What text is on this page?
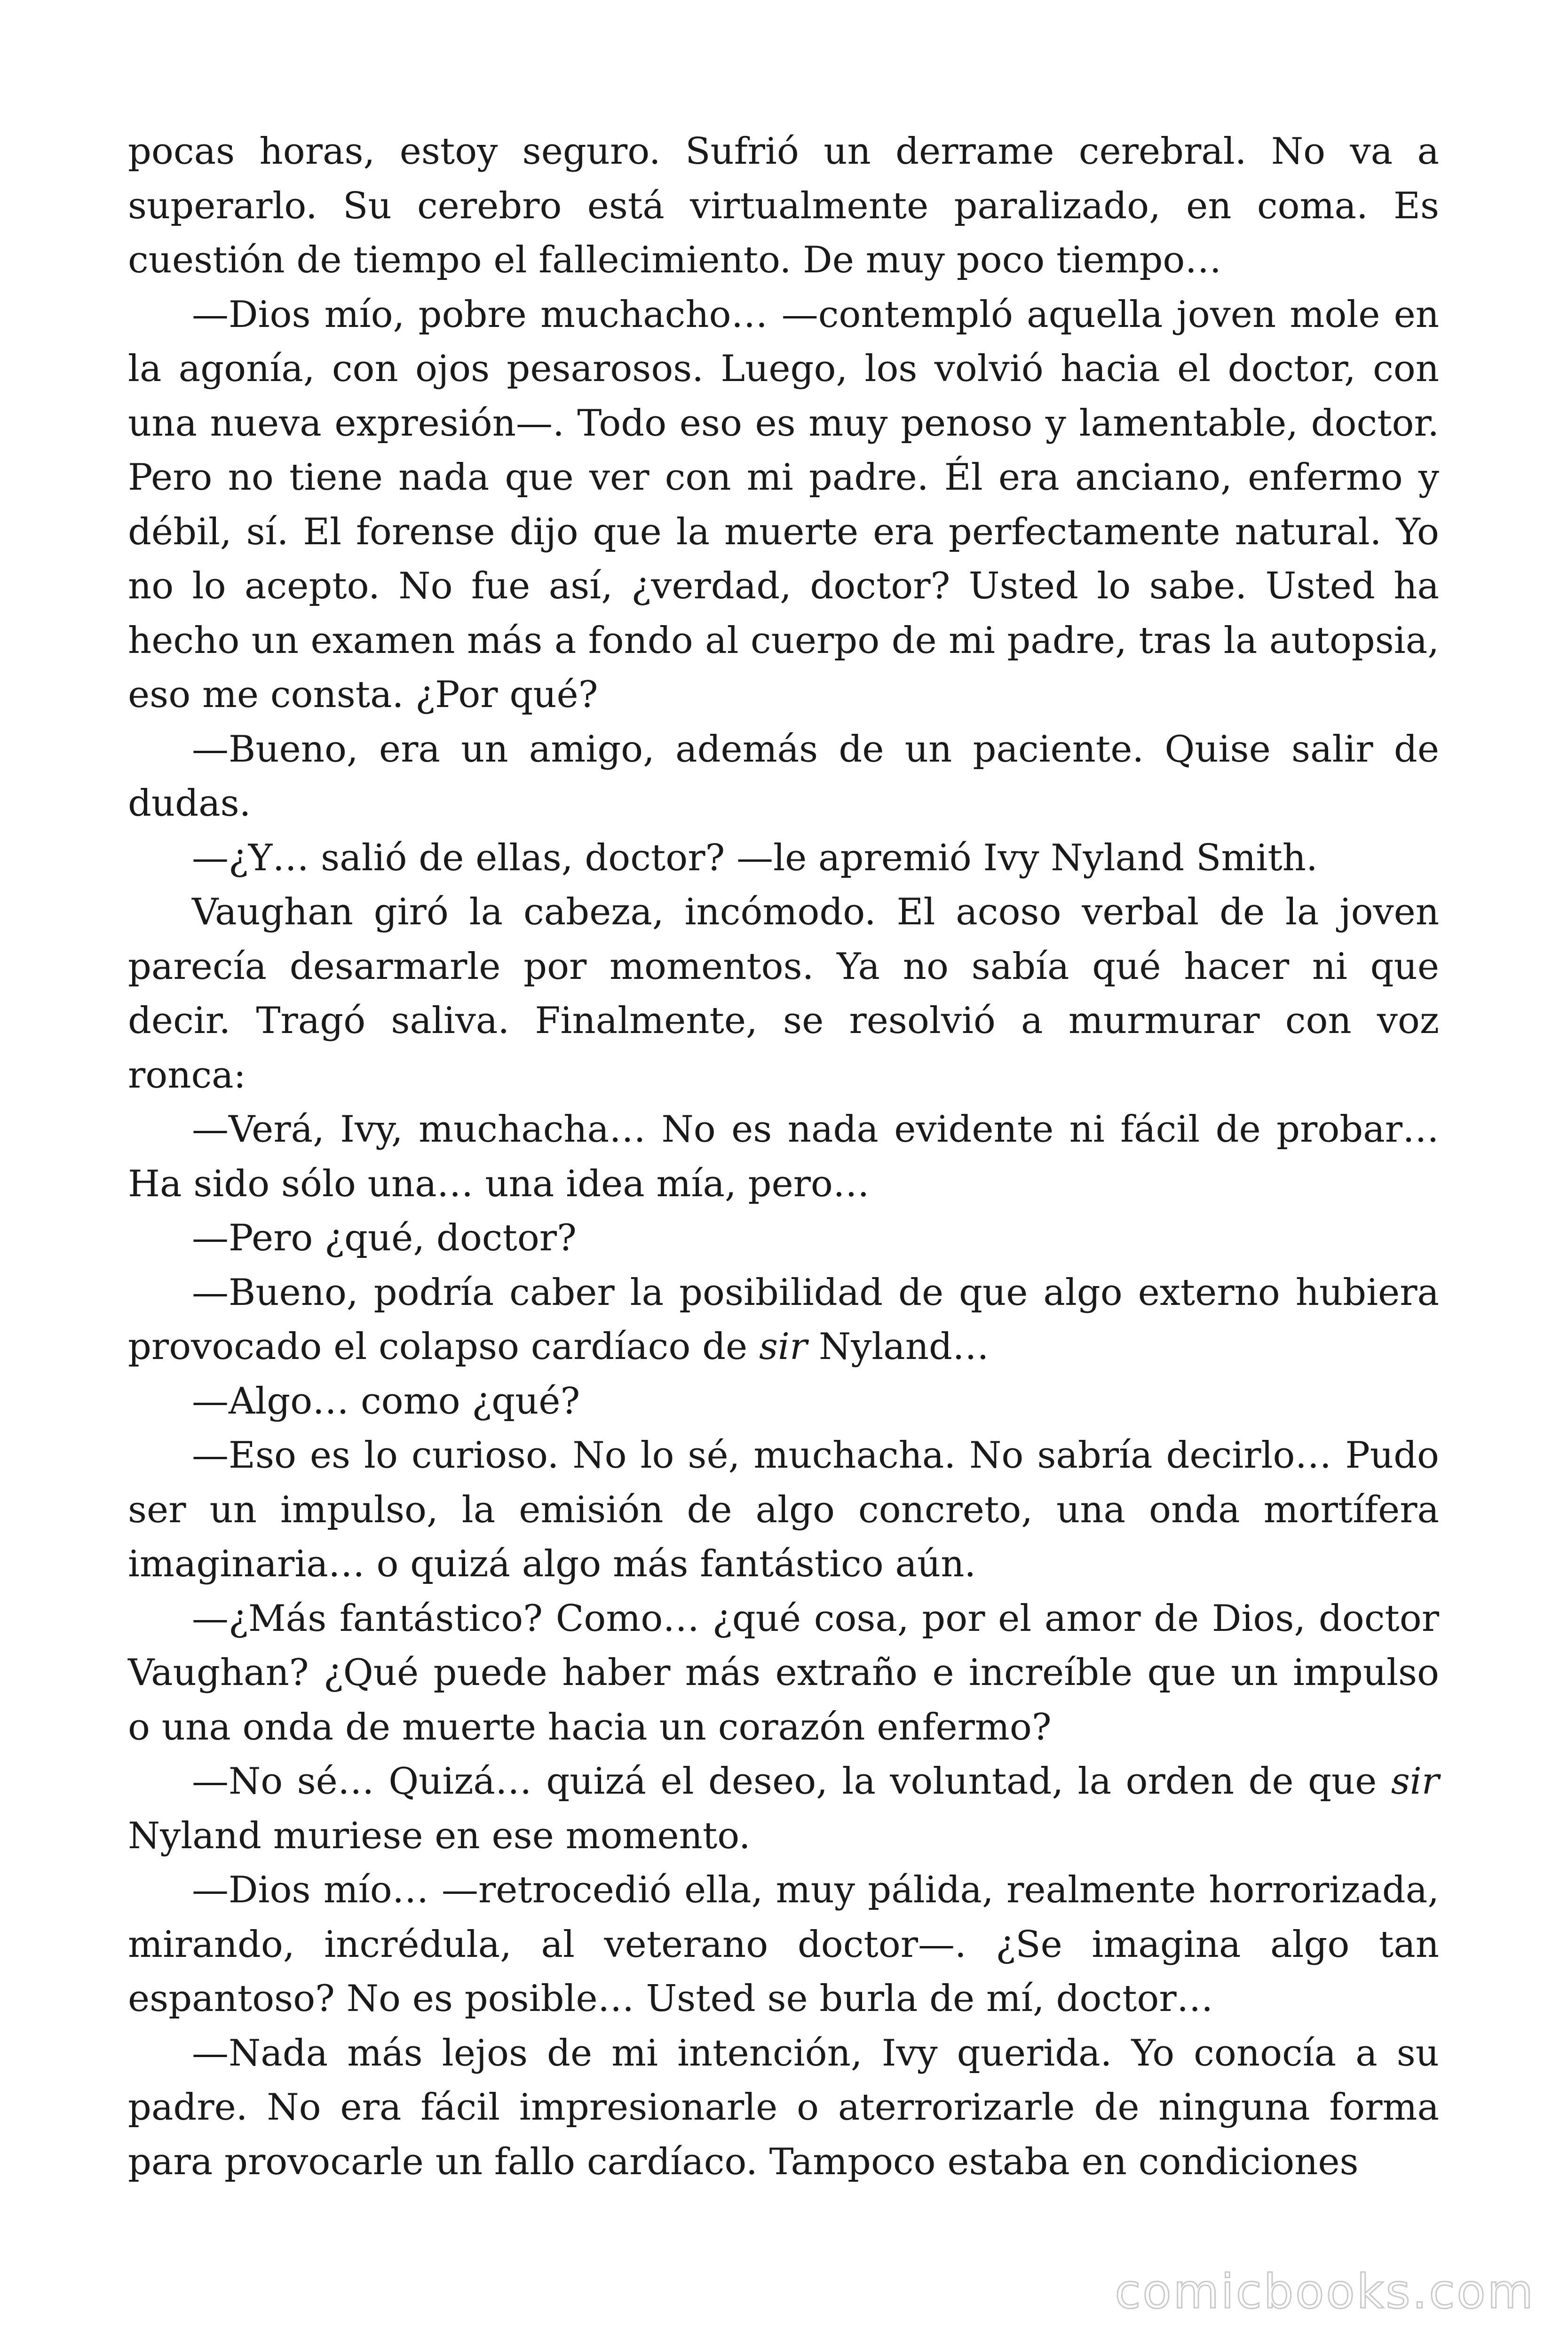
pocas horas, estoy seguro. Sufrió un derrame cerebral. No va a superarlo. Su cerebro está virtualmente paralizado, en coma. Es cuestión de tiempo el fallecimiento. De muy poco tiempo…

—Dios mío, pobre muchacho… —contempló aquella joven mole en la agonía, con ojos pesarosos. Luego, los volvió hacia el doctor, con una nueva expresión—. Todo eso es muy penoso y lamentable, doctor. Pero no tiene nada que ver con mi padre. Él era anciano, enfermo y débil, sí. El forense dijo que la muerte era perfectamente natural. Yo no lo acepto. No fue así, ¿verdad, doctor? Usted lo sabe. Usted ha hecho un examen más a fondo al cuerpo de mi padre, tras la autopsia, eso me consta. ¿Por qué?

—Bueno, era un amigo, además de un paciente. Quise salir de dudas.

—¿Y… salió de ellas, doctor? —le apremió Ivy Nyland Smith.

Vaughan giró la cabeza, incómodo. El acoso verbal de la joven parecía desarmarle por momentos. Ya no sabía qué hacer ni que decir. Tragó saliva. Finalmente, se resolvió a murmurar con voz ronca:

—Verá, Ivy, muchacha… No es nada evidente ni fácil de probar… Ha sido sólo una… una idea mía, pero…

—Pero ¿qué, doctor?

—Bueno, podría caber la posibilidad de que algo externo hubiera provocado el colapso cardíaco de sir Nyland…

—Algo… como ¿qué?

—Eso es lo curioso. No lo sé, muchacha. No sabría decirlo… Pudo ser un impulso, la emisión de algo concreto, una onda mortífera imaginaria… o quizá algo más fantástico aún.

—¿Más fantástico? Como… ¿qué cosa, por el amor de Dios, doctor Vaughan? ¿Qué puede haber más extraño e increíble que un impulso o una onda de muerte hacia un corazón enfermo?

—No sé… Quizá… quizá el deseo, la voluntad, la orden de que sir Nyland muriese en ese momento.

—Dios mío… —retrocedió ella, muy pálida, realmente horrorizada, mirando, incrédula, al veterano doctor—. ¿Se imagina algo tan espantoso? No es posible… Usted se burla de mí, doctor…

—Nada más lejos de mi intención, Ivy querida. Yo conocía a su padre. No era fácil impresionarle o aterrorizarle de ninguna forma para provocarle un fallo cardíaco. Tampoco estaba en condiciones

comicbooks.com
